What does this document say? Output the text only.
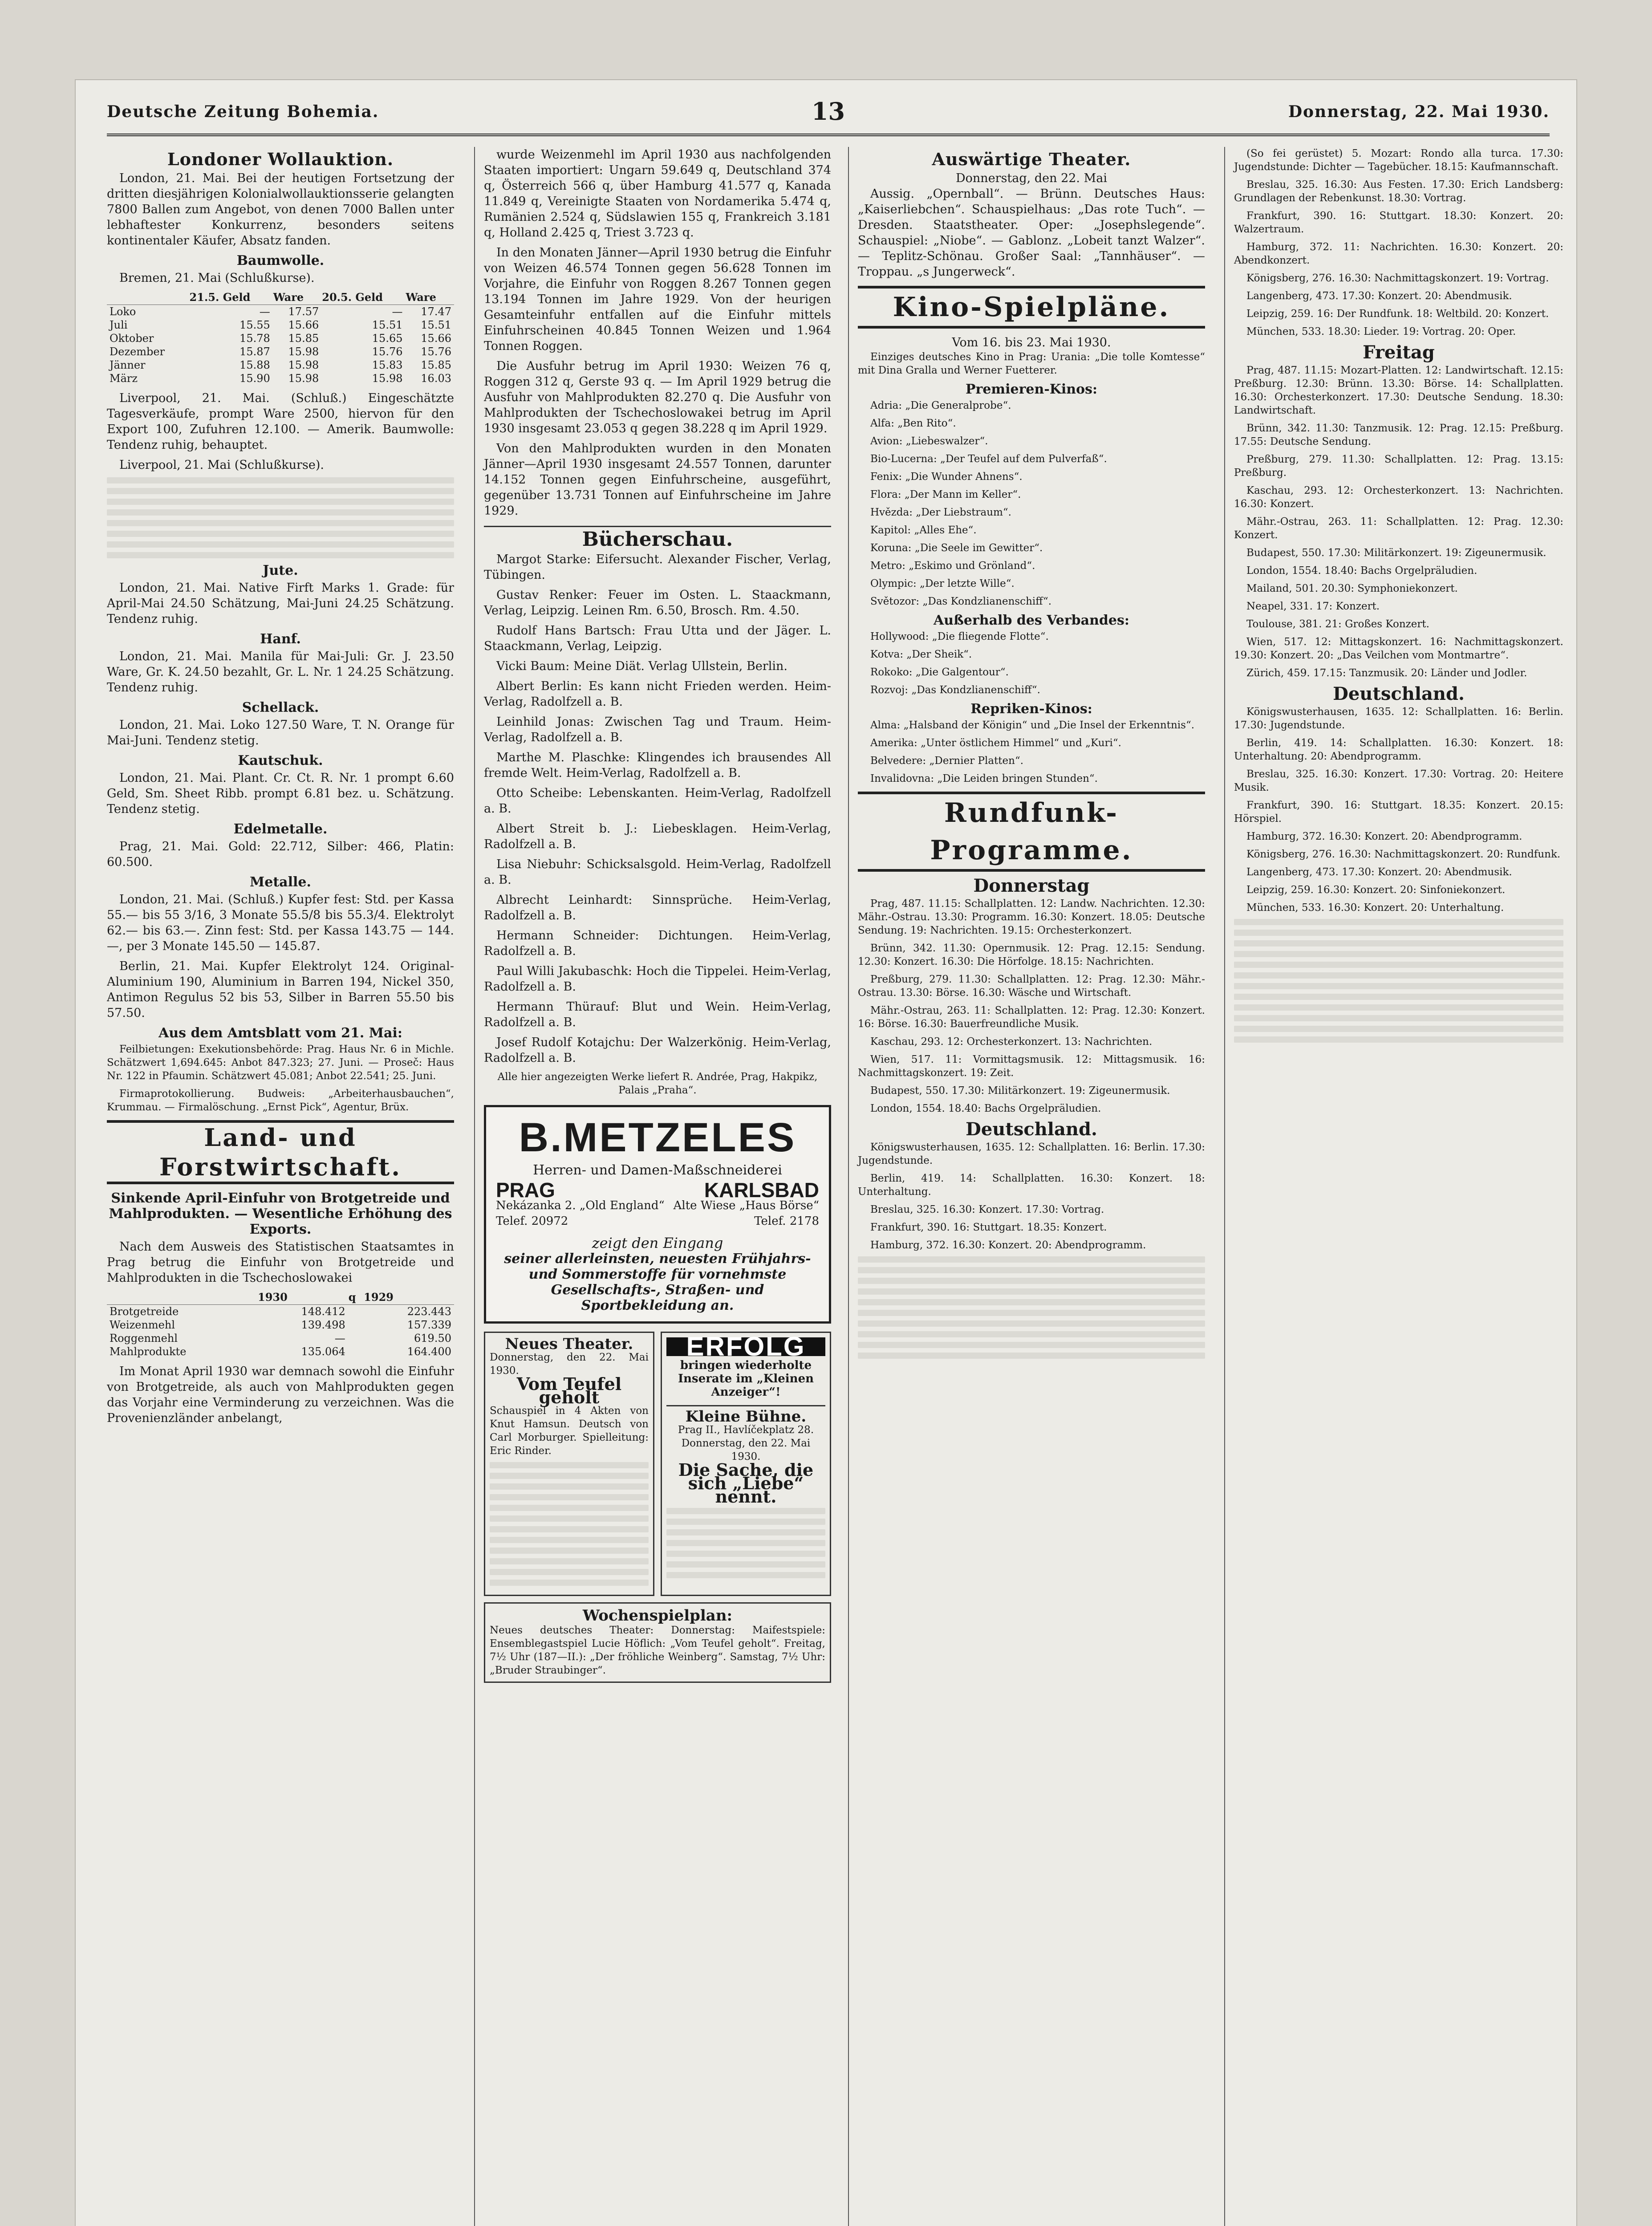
Deutsche Zeitung Bohemia.	13	Donnerstag, 22. Mai 1930.
Londoner Wollauktion.

London, 21. Mai. Bei der heutigen Fortsetzung der dritten diesjährigen Kolonialwollauktionsserie gelangten 7800 Ballen zum Angebot, von denen 7000 Ballen unter lebhaftester Konkurrenz, besonders seitens kontinentaler Käufer, Absatz fanden.

Baumwolle.

Bremen, 21. Mai (Schlußkurse).

	21.5. Geld	Ware	20.5. Geld	Ware
Loko	—	17.57	—	17.47
Juli	15.55	15.66	15.51	15.51
Oktober	15.78	15.85	15.65	15.66
Dezember	15.87	15.98	15.76	15.76
Jänner	15.88	15.98	15.83	15.85
März	15.90	15.98	15.98	16.03

Liverpool, 21. Mai. (Schluß.) Eingeschätzte Tagesverkäufe, prompt Ware 2500, hiervon für den Export 100, Zufuhren 12.100. — Amerik. Baumwolle: Tendenz ruhig, behauptet.

Liverpool, 21. Mai (Schlußkurse).

Jute.

London, 21. Mai. Native Firft Marks 1. Grade: für April-Mai 24.50 Schätzung, Mai-Juni 24.25 Schätzung. Tendenz ruhig.

Hanf.

London, 21. Mai. Manila für Mai-Juli: Gr. J. 23.50 Ware, Gr. K. 24.50 bezahlt, Gr. L. Nr. 1 24.25 Schätzung. Tendenz ruhig.

Schellack.

London, 21. Mai. Loko 127.50 Ware, T. N. Orange für Mai-Juni. Tendenz stetig.

Kautschuk.

London, 21. Mai. Plant. Cr. Ct. R. Nr. 1 prompt 6.60 Geld, Sm. Sheet Ribb. prompt 6.81 bez. u. Schätzung. Tendenz stetig.

Edelmetalle.

Prag, 21. Mai. Gold: 22.712, Silber: 466, Platin: 60.500.

Metalle.

London, 21. Mai. (Schluß.) Kupfer fest: Std. per Kassa 55.— bis 55 3/16, 3 Monate 55.5/8 bis 55.3/4. Elektrolyt 62.— bis 63.—. Zinn fest: Std. per Kassa 143.75 — 144.—, per 3 Monate 145.50 — 145.87.

Berlin, 21. Mai. Kupfer Elektrolyt 124. Original-Aluminium 190, Aluminium in Barren 194, Nickel 350, Antimon Regulus 52 bis 53, Silber in Barren 55.50 bis 57.50.

Aus dem Amtsblatt vom 21. Mai:

Feilbietungen: Exekutionsbehörde: Prag. Haus Nr. 6 in Michle. Schätzwert 1,694.645: Anbot 847.323; 27. Juni. — Proseč: Haus Nr. 122 in Pfaumin. Schätzwert 45.081; Anbot 22.541; 25. Juni.

Firmaprotokollierung. Budweis: „Arbeiterhausbauchen“, Krummau. — Firmalöschung. „Ernst Pick“, Agentur, Brüx.

Land- und Forstwirtschaft.
Sinkende April-Einfuhr von Brotgetreide und Mahlprodukten. — Wesentliche Erhöhung des Exports.

Nach dem Ausweis des Statistischen Staatsamtes in Prag betrug die Einfuhr von Brotgetreide und Mahlprodukten in die Tschechoslowakei

	1930	q	1929
Brotgetreide	148.412		223.443
Weizenmehl	139.498		157.339
Roggenmehl	—		619.50
Mahlprodukte	135.064		164.400

Im Monat April 1930 war demnach sowohl die Einfuhr von Brotgetreide, als auch von Mahlprodukten gegen das Vorjahr eine Verminderung zu verzeichnen. Was die Provenienzländer anbelangt,

wurde Weizenmehl im April 1930 aus nachfolgenden Staaten importiert: Ungarn 59.649 q, Deutschland 374 q, Österreich 566 q, über Hamburg 41.577 q, Kanada 11.849 q, Vereinigte Staaten von Nordamerika 5.474 q, Rumänien 2.524 q, Südslawien 155 q, Frankreich 3.181 q, Holland 2.425 q, Triest 3.723 q.

In den Monaten Jänner—April 1930 betrug die Einfuhr von Weizen 46.574 Tonnen gegen 56.628 Tonnen im Vorjahre, die Einfuhr von Roggen 8.267 Tonnen gegen 13.194 Tonnen im Jahre 1929. Von der heurigen Gesamteinfuhr entfallen auf die Einfuhr mittels Einfuhrscheinen 40.845 Tonnen Weizen und 1.964 Tonnen Roggen.

Die Ausfuhr betrug im April 1930: Weizen 76 q, Roggen 312 q, Gerste 93 q. — Im April 1929 betrug die Ausfuhr von Mahlprodukten 82.270 q. Die Ausfuhr von Mahlprodukten der Tschechoslowakei betrug im April 1930 insgesamt 23.053 q gegen 38.228 q im April 1929.

Von den Mahlprodukten wurden in den Monaten Jänner—April 1930 insgesamt 24.557 Tonnen, darunter 14.152 Tonnen gegen Einfuhrscheine, ausgeführt, gegenüber 13.731 Tonnen auf Einfuhrscheine im Jahre 1929.

Bücherschau.

Margot Starke: Eifersucht. Alexander Fischer, Verlag, Tübingen.

Gustav Renker: Feuer im Osten. L. Staackmann, Verlag, Leipzig. Leinen Rm. 6.50, Brosch. Rm. 4.50.

Rudolf Hans Bartsch: Frau Utta und der Jäger. L. Staackmann, Verlag, Leipzig.

Vicki Baum: Meine Diät. Verlag Ullstein, Berlin.

Albert Berlin: Es kann nicht Frieden werden. Heim-Verlag, Radolfzell a. B.

Leinhild Jonas: Zwischen Tag und Traum. Heim-Verlag, Radolfzell a. B.

Marthe M. Plaschke: Klingendes ich brausendes All fremde Welt. Heim-Verlag, Radolfzell a. B.

Otto Scheibe: Lebenskanten. Heim-Verlag, Radolfzell a. B.

Albert Streit b. J.: Liebesklagen. Heim-Verlag, Radolfzell a. B.

Lisa Niebuhr: Schicksalsgold. Heim-Verlag, Radolfzell a. B.

Albrecht Leinhardt: Sinnsprüche. Heim-Verlag, Radolfzell a. B.

Hermann Schneider: Dichtungen. Heim-Verlag, Radolfzell a. B.

Paul Willi Jakubaschk: Hoch die Tippelei. Heim-Verlag, Radolfzell a. B.

Hermann Thürauf: Blut und Wein. Heim-Verlag, Radolfzell a. B.

Josef Rudolf Kotajchu: Der Walzerkönig. Heim-Verlag, Radolfzell a. B.

Alle hier angezeigten Werke liefert R. Andrée, Prag, Hakpikz, Palais „Praha“.

B.METZELES
Herren- und Damen-Maßschneiderei
PRAG
Nekázanka 2. „Old England“ Telef. 20972
KARLSBAD
Alte Wiese „Haus Börse“ Telef. 2178
zeigt den Eingang
seiner allerleinsten, neuesten Frühjahrs- und Sommerstoffe für vornehmste Gesellschafts-, Straßen- und Sportbekleidung an.
Neues Theater.
Donnerstag, den 22. Mai 1930.
Vom Teufel geholt
Schauspiel in 4 Akten von Knut Hamsun. Deutsch von Carl Morburger. Spielleitung: Eric Rinder.
ERFOLG
bringen wiederholte Inserate im „Kleinen Anzeiger“!
Kleine Bühne.
Prag II., Havlíčekplatz 28. Donnerstag, den 22. Mai 1930.
Die Sache, die sich „Liebe“ nennt.
Wochenspielplan:
Neues deutsches Theater: Donnerstag: Maifestspiele: Ensemblegastspiel Lucie Höflich: „Vom Teufel geholt“. Freitag, 7½ Uhr (187—II.): „Der fröhliche Weinberg“. Samstag, 7½ Uhr: „Bruder Straubinger“.
Auswärtige Theater.
Donnerstag, den 22. Mai

Aussig. „Opernball“. — Brünn. Deutsches Haus: „Kaiserliebchen“. Schauspielhaus: „Das rote Tuch“. — Dresden. Staatstheater. Oper: „Josephslegende“. Schauspiel: „Niobe“. — Gablonz. „Lobeit tanzt Walzer“. — Teplitz-Schönau. Großer Saal: „Tannhäuser“. — Troppau. „s Jungerweck“.

Kino-Spielpläne.
Vom 16. bis 23. Mai 1930.

Einziges deutsches Kino in Prag: Urania: „Die tolle Komtesse“ mit Dina Gralla und Werner Fuetterer.

Premieren-Kinos:

Adria: „Die Generalprobe“.

Alfa: „Ben Rito“.

Avion: „Liebeswalzer“.

Bio-Lucerna: „Der Teufel auf dem Pulverfaß“.

Fenix: „Die Wunder Ahnens“.

Flora: „Der Mann im Keller“.

Hvězda: „Der Liebstraum“.

Kapitol: „Alles Ehe“.

Koruna: „Die Seele im Gewitter“.

Metro: „Eskimo und Grönland“.

Olympic: „Der letzte Wille“.

Světozor: „Das Kondzlianenschiff“.

Außerhalb des Verbandes:

Hollywood: „Die fliegende Flotte“.

Kotva: „Der Sheik“.

Rokoko: „Die Galgentour“.

Rozvoj: „Das Kondzlianenschiff“.

Repriken-Kinos:

Alma: „Halsband der Königin“ und „Die Insel der Erkenntnis“.

Amerika: „Unter östlichem Himmel“ und „Kuri“.

Belvedere: „Dernier Platten“.

Invalidovna: „Die Leiden bringen Stunden“.

Rundfunk-Programme.
Donnerstag

Prag, 487. 11.15: Schallplatten. 12: Landw. Nachrichten. 12.30: Mähr.-Ostrau. 13.30: Programm. 16.30: Konzert. 18.05: Deutsche Sendung. 19: Nachrichten. 19.15: Orchesterkonzert.

Brünn, 342. 11.30: Opernmusik. 12: Prag. 12.15: Sendung. 12.30: Konzert. 16.30: Die Hörfolge. 18.15: Nachrichten.

Preßburg, 279. 11.30: Schallplatten. 12: Prag. 12.30: Mähr.-Ostrau. 13.30: Börse. 16.30: Wäsche und Wirtschaft.

Mähr.-Ostrau, 263. 11: Schallplatten. 12: Prag. 12.30: Konzert. 16: Börse. 16.30: Bauerfreundliche Musik.

Kaschau, 293. 12: Orchesterkonzert. 13: Nachrichten.

Wien, 517. 11: Vormittagsmusik. 12: Mittagsmusik. 16: Nachmittagskonzert. 19: Zeit.

Budapest, 550. 17.30: Militärkonzert. 19: Zigeunermusik.

London, 1554. 18.40: Bachs Orgelpräludien.

Deutschland.

Königswusterhausen, 1635. 12: Schallplatten. 16: Berlin. 17.30: Jugendstunde.

Berlin, 419. 14: Schallplatten. 16.30: Konzert. 18: Unterhaltung.

Breslau, 325. 16.30: Konzert. 17.30: Vortrag.

Frankfurt, 390. 16: Stuttgart. 18.35: Konzert.

Hamburg, 372. 16.30: Konzert. 20: Abendprogramm.

(So fei gerüstet) 5. Mozart: Rondo alla turca. 17.30: Jugendstunde: Dichter — Tagebücher. 18.15: Kaufmannschaft.

Breslau, 325. 16.30: Aus Festen. 17.30: Erich Landsberg: Grundlagen der Rebenkunst. 18.30: Vortrag.

Frankfurt, 390. 16: Stuttgart. 18.30: Konzert. 20: Walzertraum.

Hamburg, 372. 11: Nachrichten. 16.30: Konzert. 20: Abendkonzert.

Königsberg, 276. 16.30: Nachmittagskonzert. 19: Vortrag.

Langenberg, 473. 17.30: Konzert. 20: Abendmusik.

Leipzig, 259. 16: Der Rundfunk. 18: Weltbild. 20: Konzert.

München, 533. 18.30: Lieder. 19: Vortrag. 20: Oper.

Freitag

Prag, 487. 11.15: Mozart-Platten. 12: Landwirtschaft. 12.15: Preßburg. 12.30: Brünn. 13.30: Börse. 14: Schallplatten. 16.30: Orchesterkonzert. 17.30: Deutsche Sendung. 18.30: Landwirtschaft.

Brünn, 342. 11.30: Tanzmusik. 12: Prag. 12.15: Preßburg. 17.55: Deutsche Sendung.

Preßburg, 279. 11.30: Schallplatten. 12: Prag. 13.15: Preßburg.

Kaschau, 293. 12: Orchesterkonzert. 13: Nachrichten. 16.30: Konzert.

Mähr.-Ostrau, 263. 11: Schallplatten. 12: Prag. 12.30: Konzert.

Budapest, 550. 17.30: Militärkonzert. 19: Zigeunermusik.

London, 1554. 18.40: Bachs Orgelpräludien.

Mailand, 501. 20.30: Symphoniekonzert.

Neapel, 331. 17: Konzert.

Toulouse, 381. 21: Großes Konzert.

Wien, 517. 12: Mittagskonzert. 16: Nachmittagskonzert. 19.30: Konzert. 20: „Das Veilchen vom Montmartre“.

Zürich, 459. 17.15: Tanzmusik. 20: Länder und Jodler.

Deutschland.

Königswusterhausen, 1635. 12: Schallplatten. 16: Berlin. 17.30: Jugendstunde.

Berlin, 419. 14: Schallplatten. 16.30: Konzert. 18: Unterhaltung. 20: Abendprogramm.

Breslau, 325. 16.30: Konzert. 17.30: Vortrag. 20: Heitere Musik.

Frankfurt, 390. 16: Stuttgart. 18.35: Konzert. 20.15: Hörspiel.

Hamburg, 372. 16.30: Konzert. 20: Abendprogramm.

Königsberg, 276. 16.30: Nachmittagskonzert. 20: Rundfunk.

Langenberg, 473. 17.30: Konzert. 20: Abendmusik.

Leipzig, 259. 16.30: Konzert. 20: Sinfoniekonzert.

München, 533. 16.30: Konzert. 20: Unterhaltung.
